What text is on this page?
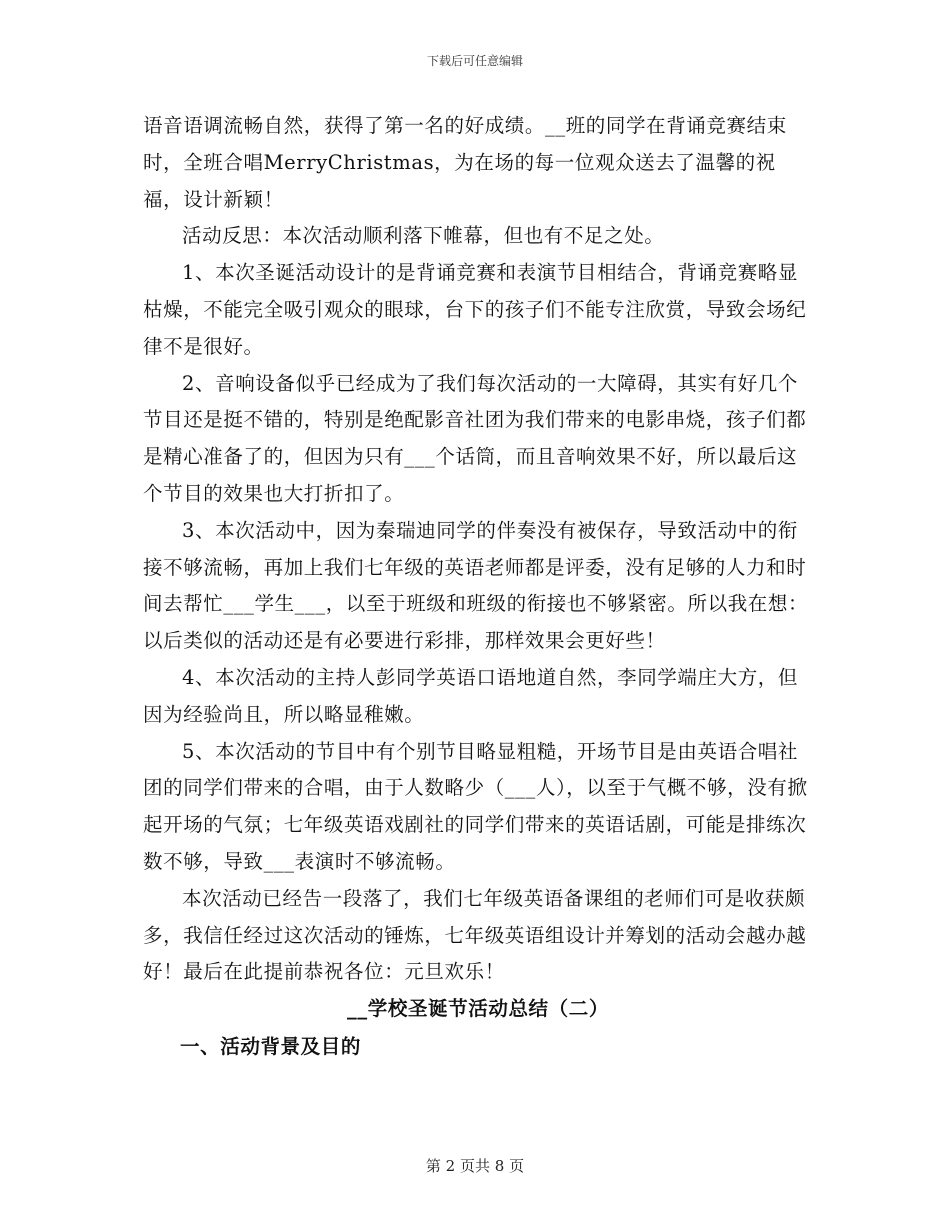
下载后可任意编辑

语音语调流畅自然，获得了第一名的好成绩。__班的同学在背诵竞赛结束时，全班合唱MerryChristmas，为在场的每一位观众送去了温馨的祝福，设计新颖！

活动反思：本次活动顺利落下帷幕，但也有不足之处。

1、本次圣诞活动设计的是背诵竞赛和表演节目相结合，背诵竞赛略显枯燥，不能完全吸引观众的眼球，台下的孩子们不能专注欣赏，导致会场纪律不是很好。

2、音响设备似乎已经成为了我们每次活动的一大障碍，其实有好几个节目还是挺不错的，特别是绝配影音社团为我们带来的电影串烧，孩子们都是精心准备了的，但因为只有___个话筒，而且音响效果不好，所以最后这个节目的效果也大打折扣了。

3、本次活动中，因为秦瑞迪同学的伴奏没有被保存，导致活动中的衔接不够流畅，再加上我们七年级的英语老师都是评委，没有足够的人力和时间去帮忙___学生___，以至于班级和班级的衔接也不够紧密。所以我在想：以后类似的活动还是有必要进行彩排，那样效果会更好些！

4、本次活动的主持人彭同学英语口语地道自然，李同学端庄大方，但因为经验尚且，所以略显稚嫩。

5、本次活动的节目中有个别节目略显粗糙，开场节目是由英语合唱社团的同学们带来的合唱，由于人数略少（___人），以至于气概不够，没有掀起开场的气氛；七年级英语戏剧社的同学们带来的英语话剧，可能是排练次数不够，导致___表演时不够流畅。

本次活动已经告一段落了，我们七年级英语备课组的老师们可是收获颇多，我信任经过这次活动的锤炼，七年级英语组设计并筹划的活动会越办越好！最后在此提前恭祝各位：元旦欢乐！

__学校圣诞节活动总结（二）

一、活动背景及目的

第 2 页共 8 页
